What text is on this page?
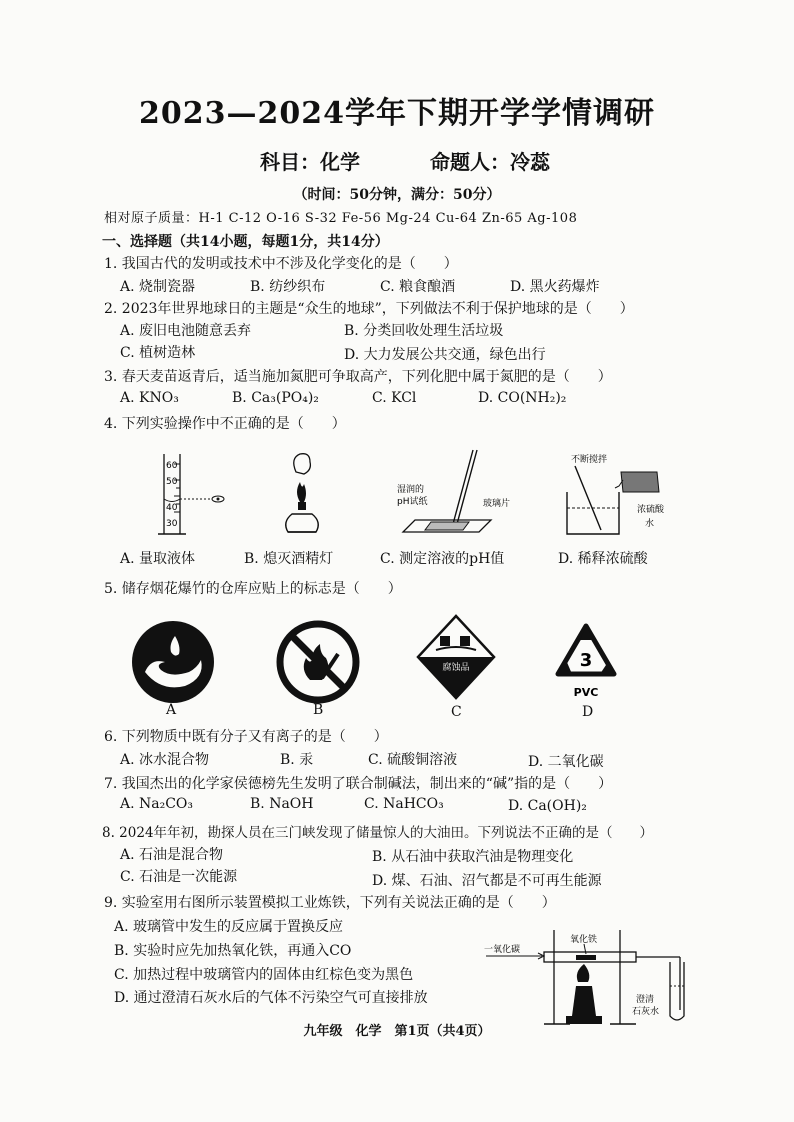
2023—2024学年下期开学学情调研
科目：化学	命题人：冷蕊
（时间：50分钟，满分：50分）
相对原子质量：H-1 C-12 O-16 S-32 Fe-56 Mg-24 Cu-64 Zn-65 Ag-108
一、选择题（共14小题，每题1分，共14分）
1. 我国古代的发明或技术中不涉及化学变化的是（　　）
A. 烧制瓷器	B. 纺纱织布	C. 粮食酿酒	D. 黑火药爆炸
2. 2023年世界地球日的主题是“众生的地球”，下列做法不利于保护地球的是（　　）
A. 废旧电池随意丢弃	B. 分类回收处理生活垃圾
C. 植树造林	D. 大力发展公共交通，绿色出行
3. 春天麦苗返青后，适当施加氮肥可争取高产，下列化肥中属于氮肥的是（　　）
A. KNO₃	B. Ca₃(PO₄)₂	C. KCl	D. CO(NH₂)₂
4. 下列实验操作中不正确的是（　　）
60
50
40
30
湿润的
pH试纸	玻璃片
不断搅拌
浓硫酸
水
A. 量取液体	B. 熄灭酒精灯	C. 测定溶液的pH值	D. 稀释浓硫酸
5. 储存烟花爆竹的仓库应贴上的标志是（　　）
腐蚀品	3
PVC
A	B	C	D
6. 下列物质中既有分子又有离子的是（　　）
A. 冰水混合物	B. 汞	C. 硫酸铜溶液	D. 二氧化碳
7. 我国杰出的化学家侯德榜先生发明了联合制碱法，制出来的“碱”指的是（　　）
A. Na₂CO₃	B. NaOH	C. NaHCO₃	D. Ca(OH)₂
8. 2024年年初，勘探人员在三门峡发现了储量惊人的大油田。下列说法不正确的是（　　）
A. 石油是混合物	B. 从石油中获取汽油是物理变化
C. 石油是一次能源	D. 煤、石油、沼气都是不可再生能源
9. 实验室用右图所示装置模拟工业炼铁，下列有关说法正确的是（　　）
A. 玻璃管中发生的反应属于置换反应
B. 实验时应先加热氧化铁，再通入CO
C. 加热过程中玻璃管内的固体由红棕色变为黑色
D. 通过澄清石灰水后的气体不污染空气可直接排放
一氧化碳
氧化铁
澄清
石灰水
九年级　化学　第1页（共4页）
